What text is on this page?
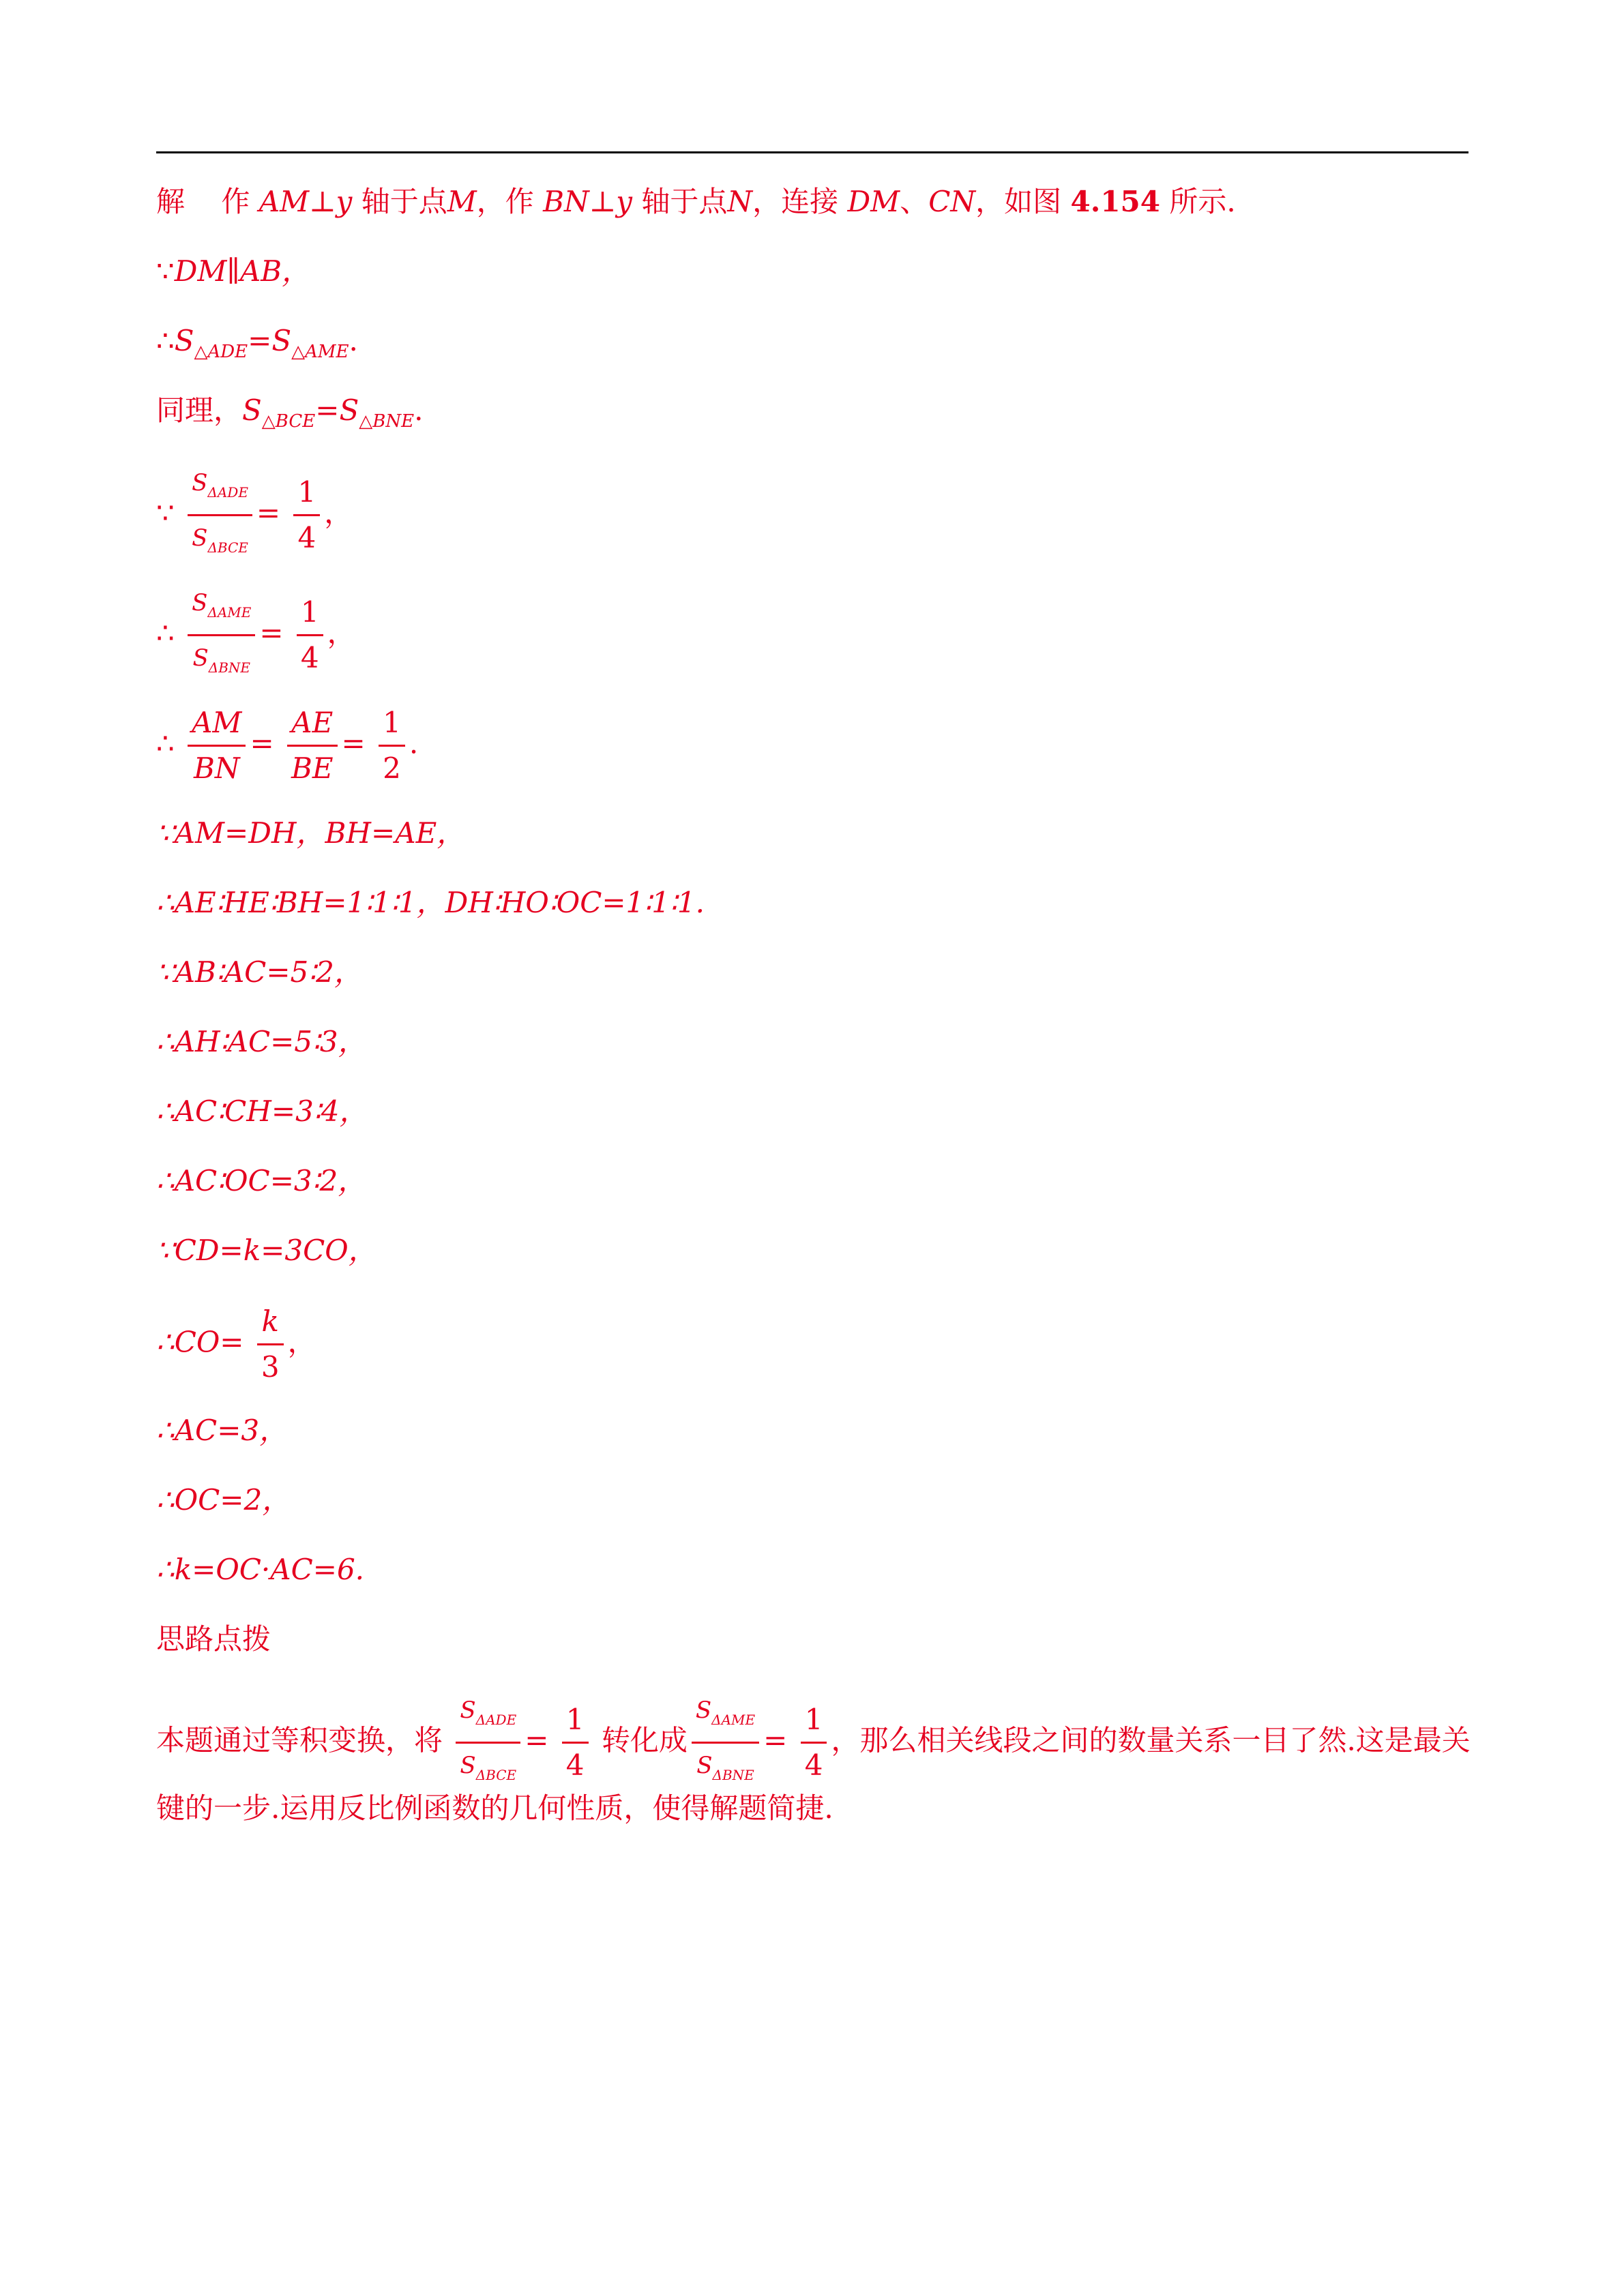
解 作 AM⊥y 轴于点M，作 BN⊥y 轴于点N，连接 DM、CN，如图 4.154 所示.
∵DM∥AB，
$\therefore S_{\triangle ADE}=S_{\triangle AME}$.
同理，$S_{\triangle BCE}=S_{\triangle BNE}$.
∵ $\frac{S_{\Delta ADE}}{S_{\Delta BCE}} = \frac{1}{4}$ ，
∴ $\frac{S_{\Delta AME}}{S_{\Delta BNE}} = \frac{1}{4}$ ，
∴ $\frac{AM}{BN} = \frac{AE}{BE} = \frac{1}{2}$ .
∵AM=DH，BH=AE，
∴AE∶HE∶BH=1∶1∶1，DH∶HO∶OC=1∶1∶1.
∵AB∶AC=5∶2，
∴AH∶AC=5∶3，
∴AC∶CH=3∶4，
∴AC∶OC=3∶2，
∵CD=k=3CO，
∴CO= $\frac{k}{3}$ ，
∴AC=3，
∴OC=2，
∴k=OC·AC=6.
思路点拨
本题通过等积变换，将 $\frac{S_{\Delta ADE}}{S_{\Delta BCE}} = \frac{1}{4}$ 转化成 $\frac{S_{\Delta AME}}{S_{\Delta BNE}} = \frac{1}{4}$ ，那么相关线段之间的数量关系一目了然.这是最关
键的一步.运用反比例函数的几何性质，使得解题简捷.
